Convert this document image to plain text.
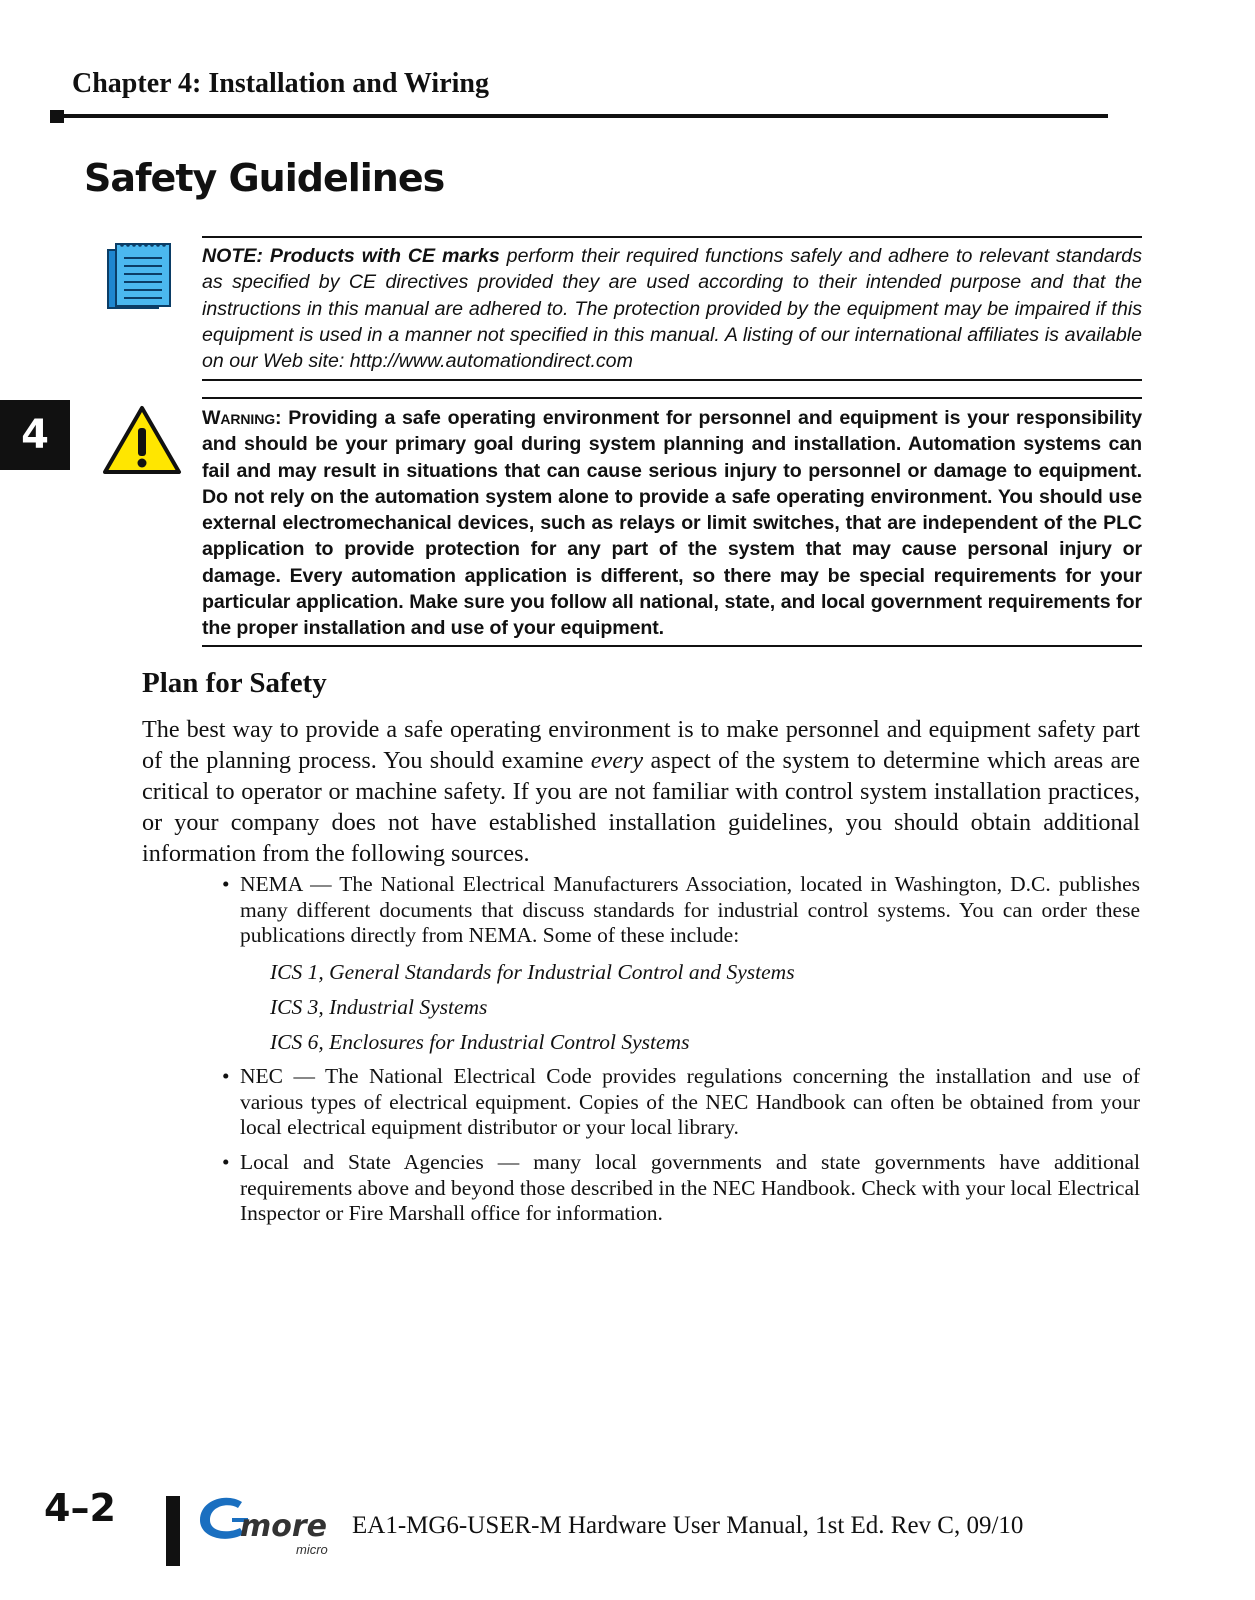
Chapter 4: Installation and Wiring
Safety Guidelines
NOTE: Products with CE marks perform their required functions safely and adhere to relevant standards as specified by CE directives provided they are used according to their intended purpose and that the instructions in this manual are adhered to. The protection provided by the equipment may be impaired if this equipment is used in a manner not specified in this manual. A listing of our international affiliates is available on our Web site: http://www.automationdirect.com
4	Warning: Providing a safe operating environment for personnel and equipment is your responsibility and should be your primary goal during system planning and installation. Automation systems can fail and may result in situations that can cause serious injury to personnel or damage to equipment. Do not rely on the automation system alone to provide a safe operating environment. You should use external electromechanical devices, such as relays or limit switches, that are independent of the PLC application to provide protection for any part of the system that may cause personal injury or damage. Every automation application is different, so there may be special requirements for your particular application. Make sure you follow all national, state, and local government requirements for the proper installation and use of your equipment.
Plan for Safety
The best way to provide a safe operating environment is to make personnel and equipment safety part of the planning process. You should examine every aspect of the system to determine which areas are critical to operator or machine safety. If you are not familiar with control system installation practices, or your company does not have established installation guidelines, you should obtain additional information from the following sources.
• NEMA — The National Electrical Manufacturers Association, located in Washington, D.C. publishes many different documents that discuss standards for industrial control systems. You can order these publications directly from NEMA. Some of these include:
ICS 1, General Standards for Industrial Control and Systems
ICS 3, Industrial Systems
ICS 6, Enclosures for Industrial Control Systems
• NEC — The National Electrical Code provides regulations concerning the installation and use of various types of electrical equipment. Copies of the NEC Handbook can often be obtained from your local electrical equipment distributor or your local library.
• Local and State Agencies — many local governments and state governments have additional requirements above and beyond those described in the NEC Handbook. Check with your local Electrical Inspector or Fire Marshall office for information.
4–2	more
micro
EA1-MG6-USER-M Hardware User Manual, 1st Ed. Rev C, 09/10
